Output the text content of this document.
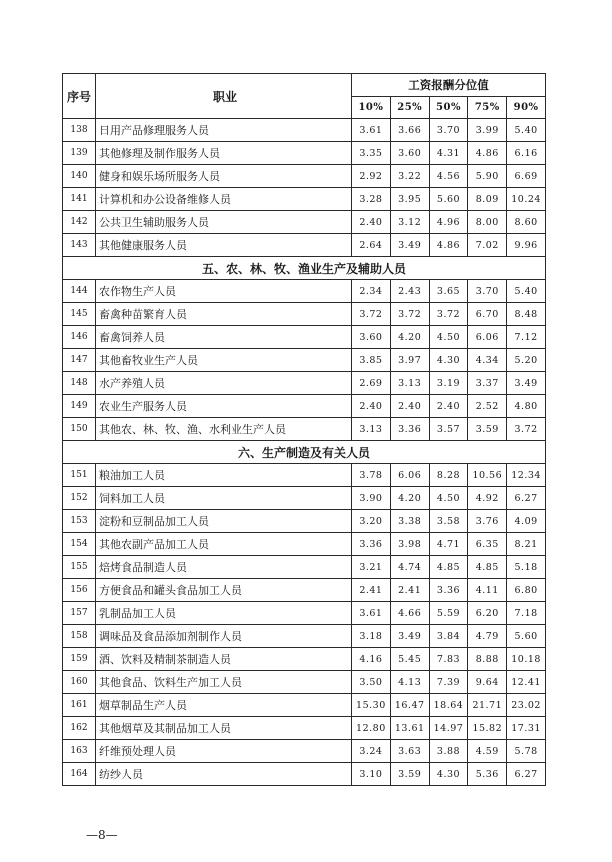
序号	职业	工资报酬分位值				
		10%	25%	50%	75%	90%
138	日用产品修理服务人员	3.61	3.66	3.70	3.99	5.40
139	其他修理及制作服务人员	3.35	3.60	4.31	4.86	6.16
140	健身和娱乐场所服务人员	2.92	3.22	4.56	5.90	6.69
141	计算机和办公设备维修人员	3.28	3.95	5.60	8.09	10.24
142	公共卫生辅助服务人员	2.40	3.12	4.96	8.00	8.60
143	其他健康服务人员	2.64	3.49	4.86	7.02	9.96
五、农、林、牧、渔业生产及辅助人员						
144	农作物生产人员	2.34	2.43	3.65	3.70	5.40
145	畜禽种苗繁育人员	3.72	3.72	3.72	6.70	8.48
146	畜禽饲养人员	3.60	4.20	4.50	6.06	7.12
147	其他畜牧业生产人员	3.85	3.97	4.30	4.34	5.20
148	水产养殖人员	2.69	3.13	3.19	3.37	3.49
149	农业生产服务人员	2.40	2.40	2.40	2.52	4.80
150	其他农、林、牧、渔、水利业生产人员	3.13	3.36	3.57	3.59	3.72
六、生产制造及有关人员						
151	粮油加工人员	3.78	6.06	8.28	10.56	12.34
152	饲料加工人员	3.90	4.20	4.50	4.92	6.27
153	淀粉和豆制品加工人员	3.20	3.38	3.58	3.76	4.09
154	其他农副产品加工人员	3.36	3.98	4.71	6.35	8.21
155	焙烤食品制造人员	3.21	4.74	4.85	4.85	5.18
156	方便食品和罐头食品加工人员	2.41	2.41	3.36	4.11	6.80
157	乳制品加工人员	3.61	4.66	5.59	6.20	7.18
158	调味品及食品添加剂制作人员	3.18	3.49	3.84	4.79	5.60
159	酒、饮料及精制茶制造人员	4.16	5.45	7.83	8.88	10.18
160	其他食品、饮料生产加工人员	3.50	4.13	7.39	9.64	12.41
161	烟草制品生产人员	15.30	16.47	18.64	21.71	23.02
162	其他烟草及其制品加工人员	12.80	13.61	14.97	15.82	17.31
163	纤维预处理人员	3.24	3.63	3.88	4.59	5.78
164	纺纱人员	3.10	3.59	4.30	5.36	6.27
—8—
